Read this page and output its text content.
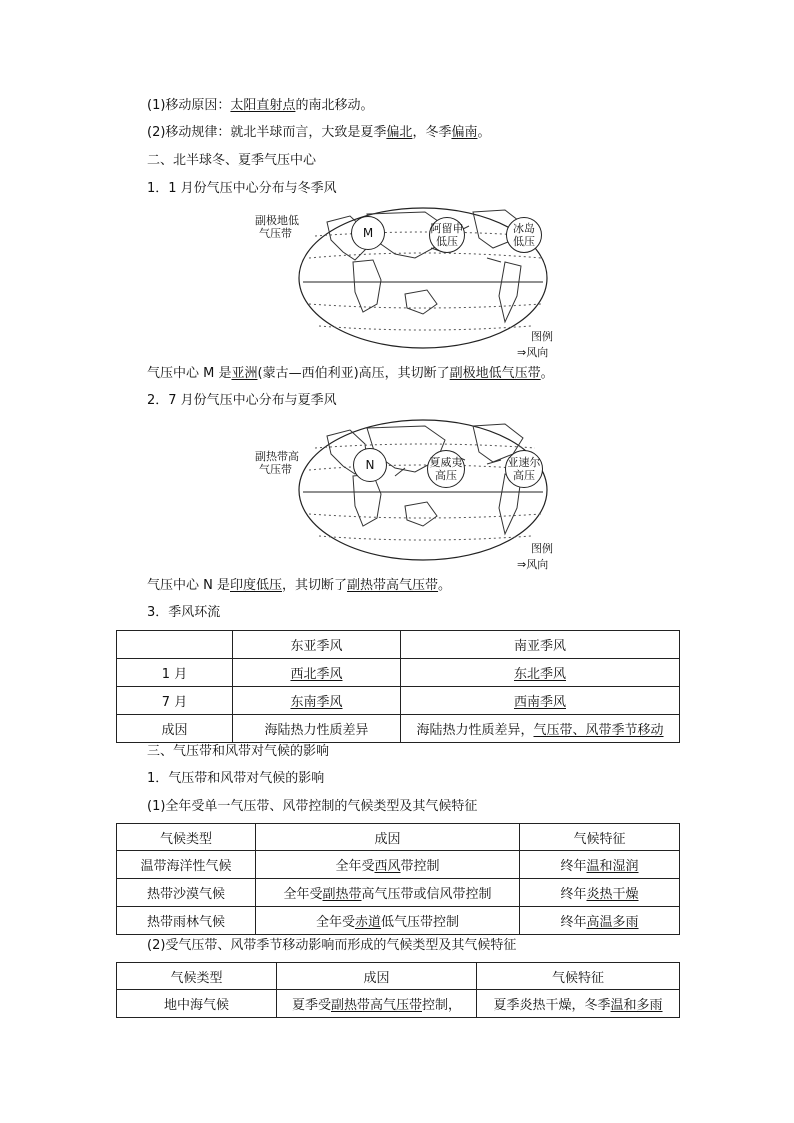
(1)移动原因：太阳直射点的南北移动。
(2)移动规律：就北半球而言，大致是夏季偏北，冬季偏南。
二、北半球冬、夏季气压中心
1．1 月份气压中心分布与冬季风
副极地低
气压带	M	阿留申
低压
冰岛
低压
图例
⇒风向
气压中心 M 是亚洲(蒙古—西伯利亚)高压，其切断了副极地低气压带。
2．7 月份气压中心分布与夏季风
副热带高
气压带	N	夏威夷
高压
亚速尔
高压
图例
⇒风向
气压中心 N 是印度低压，其切断了副热带高气压带。
3．季风环流
	东亚季风	南亚季风
1 月	西北季风	东北季风
7 月	东南季风	西南季风
成因	海陆热力性质差异	海陆热力性质差异，气压带、风带季节移动
三、气压带和风带对气候的影响
1．气压带和风带对气候的影响
(1)全年受单一气压带、风带控制的气候类型及其气候特征
气候类型	成因	气候特征
温带海洋性气候	全年受西风带控制	终年温和湿润
热带沙漠气候	全年受副热带高气压带或信风带控制	终年炎热干燥
热带雨林气候	全年受赤道低气压带控制	终年高温多雨
(2)受气压带、风带季节移动影响而形成的气候类型及其气候特征
气候类型	成因	气候特征
地中海气候	夏季受副热带高气压带控制，	夏季炎热干燥，冬季温和多雨
